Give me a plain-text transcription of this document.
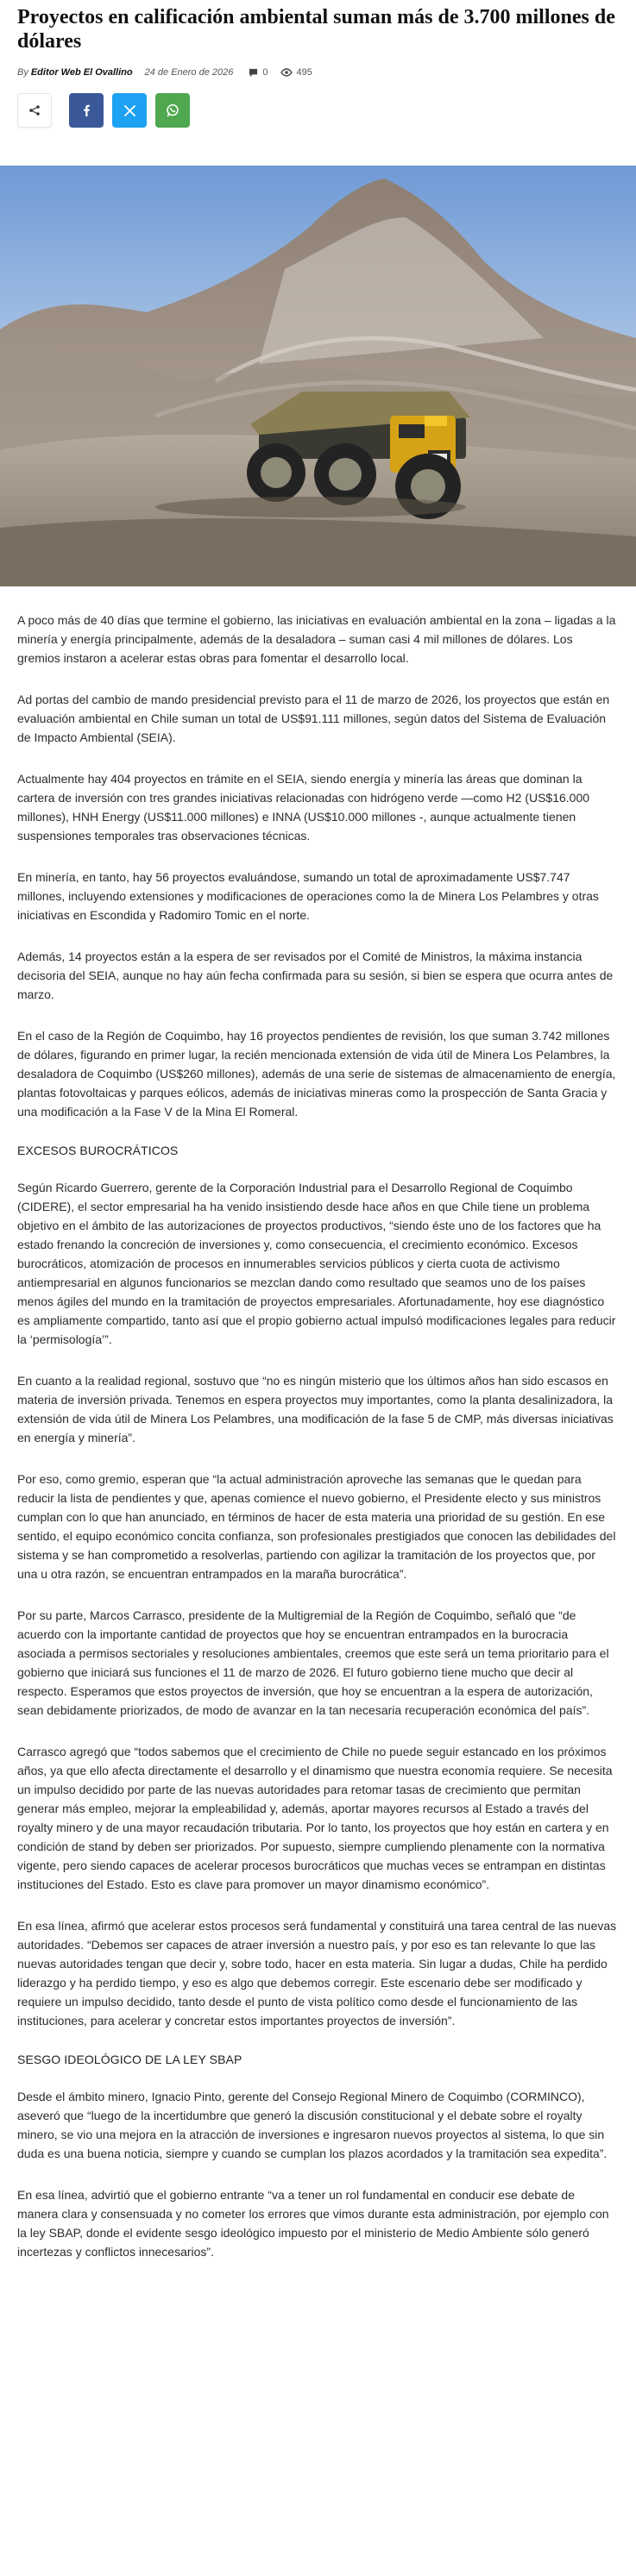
Proyectos en calificación ambiental suman más de 3.700 millones de dólares
By Editor Web El Ovallino 24 de Enero de 2026	0	495

A poco más de 40 días que termine el gobierno, las iniciativas en evaluación ambiental en la zona – ligadas a la minería y energía principalmente, además de la desaladora – suman casi 4 mil millones de dólares. Los gremios instaron a acelerar estas obras para fomentar el desarrollo local.

Ad portas del cambio de mando presidencial previsto para el 11 de marzo de 2026, los proyectos que están en evaluación ambiental en Chile suman un total de US$91.111 millones, según datos del Sistema de Evaluación de Impacto Ambiental (SEIA).

Actualmente hay 404 proyectos en trámite en el SEIA, siendo energía y minería las áreas que dominan la cartera de inversión con tres grandes iniciativas relacionadas con hidrógeno verde —como H2 (US$16.000 millones), HNH Energy (US$11.000 millones) e INNA (US$10.000 millones -, aunque actualmente tienen suspensiones temporales tras observaciones técnicas.

En minería, en tanto, hay 56 proyectos evaluándose, sumando un total de aproximadamente US$7.747 millones, incluyendo extensiones y modificaciones de operaciones como la de Minera Los Pelambres y otras iniciativas en Escondida y Radomiro Tomic en el norte.

Además, 14 proyectos están a la espera de ser revisados por el Comité de Ministros, la máxima instancia decisoria del SEIA, aunque no hay aún fecha confirmada para su sesión, si bien se espera que ocurra antes de marzo.

En el caso de la Región de Coquimbo, hay 16 proyectos pendientes de revisión, los que suman 3.742 millones de dólares, figurando en primer lugar, la recién mencionada extensión de vida útil de Minera Los Pelambres, la desaladora de Coquimbo (US$260 millones), además de una serie de sistemas de almacenamiento de energía, plantas fotovoltaicas y parques eólicos, además de iniciativas mineras como la prospección de Santa Gracia y una modificación a la Fase V de la Mina El Romeral.

EXCESOS BUROCRÁTICOS

Según Ricardo Guerrero, gerente de la Corporación Industrial para el Desarrollo Regional de Coquimbo (CIDERE), el sector empresarial ha ha venido insistiendo desde hace años en que Chile tiene un problema objetivo en el ámbito de las autorizaciones de proyectos productivos, “siendo éste uno de los factores que ha estado frenando la concreción de inversiones y, como consecuencia, el crecimiento económico. Excesos burocráticos, atomización de procesos en innumerables servicios públicos y cierta cuota de activismo antiempresarial en algunos funcionarios se mezclan dando como resultado que seamos uno de los países menos ágiles del mundo en la tramitación de proyectos empresariales. Afortunadamente, hoy ese diagnóstico es ampliamente compartido, tanto así que el propio gobierno actual impulsó modificaciones legales para reducir la ‘permisología’”.

En cuanto a la realidad regional, sostuvo que “no es ningún misterio que los últimos años han sido escasos en materia de inversión privada. Tenemos en espera proyectos muy importantes, como la planta desalinizadora, la extensión de vida útil de Minera Los Pelambres, una modificación de la fase 5 de CMP, más diversas iniciativas en energía y minería”.

Por eso, como gremio, esperan que “la actual administración aproveche las semanas que le quedan para reducir la lista de pendientes y que, apenas comience el nuevo gobierno, el Presidente electo y sus ministros cumplan con lo que han anunciado, en términos de hacer de esta materia una prioridad de su gestión. En ese sentido, el equipo económico concita confianza, son profesionales prestigiados que conocen las debilidades del sistema y se han comprometido a resolverlas, partiendo con agilizar la tramitación de los proyectos que, por una u otra razón, se encuentran entrampados en la maraña burocrática”.

Por su parte, Marcos Carrasco, presidente de la Multigremial de la Región de Coquimbo, señaló que “de acuerdo con la importante cantidad de proyectos que hoy se encuentran entrampados en la burocracia asociada a permisos sectoriales y resoluciones ambientales, creemos que este será un tema prioritario para el gobierno que iniciará sus funciones el 11 de marzo de 2026. El futuro gobierno tiene mucho que decir al respecto. Esperamos que estos proyectos de inversión, que hoy se encuentran a la espera de autorización, sean debidamente priorizados, de modo de avanzar en la tan necesaria recuperación económica del país”.

Carrasco agregó que “todos sabemos que el crecimiento de Chile no puede seguir estancado en los próximos años, ya que ello afecta directamente el desarrollo y el dinamismo que nuestra economía requiere. Se necesita un impulso decidido por parte de las nuevas autoridades para retomar tasas de crecimiento que permitan generar más empleo, mejorar la empleabilidad y, además, aportar mayores recursos al Estado a través del royalty minero y de una mayor recaudación tributaria. Por lo tanto, los proyectos que hoy están en cartera y en condición de stand by deben ser priorizados. Por supuesto, siempre cumpliendo plenamente con la normativa vigente, pero siendo capaces de acelerar procesos burocráticos que muchas veces se entrampan en distintas instituciones del Estado. Esto es clave para promover un mayor dinamismo económico”.

En esa línea, afirmó que acelerar estos procesos será fundamental y constituirá una tarea central de las nuevas autoridades. “Debemos ser capaces de atraer inversión a nuestro país, y por eso es tan relevante lo que las nuevas autoridades tengan que decir y, sobre todo, hacer en esta materia. Sin lugar a dudas, Chile ha perdido liderazgo y ha perdido tiempo, y eso es algo que debemos corregir. Este escenario debe ser modificado y requiere un impulso decidido, tanto desde el punto de vista político como desde el funcionamiento de las instituciones, para acelerar y concretar estos importantes proyectos de inversión”.

SESGO IDEOLÓGICO DE LA LEY SBAP

Desde el ámbito minero, Ignacio Pinto, gerente del Consejo Regional Minero de Coquimbo (CORMINCO), aseveró que “luego de la incertidumbre que generó la discusión constitucional y el debate sobre el royalty minero, se vio una mejora en la atracción de inversiones e ingresaron nuevos proyectos al sistema, lo que sin duda es una buena noticia, siempre y cuando se cumplan los plazos acordados y la tramitación sea expedita”.

En esa línea, advirtió que el gobierno entrante “va a tener un rol fundamental en conducir ese debate de manera clara y consensuada y no cometer los errores que vimos durante esta administración, por ejemplo con la ley SBAP, donde el evidente sesgo ideológico impuesto por el ministerio de Medio Ambiente sólo generó incertezas y conflictos innecesarios”.
